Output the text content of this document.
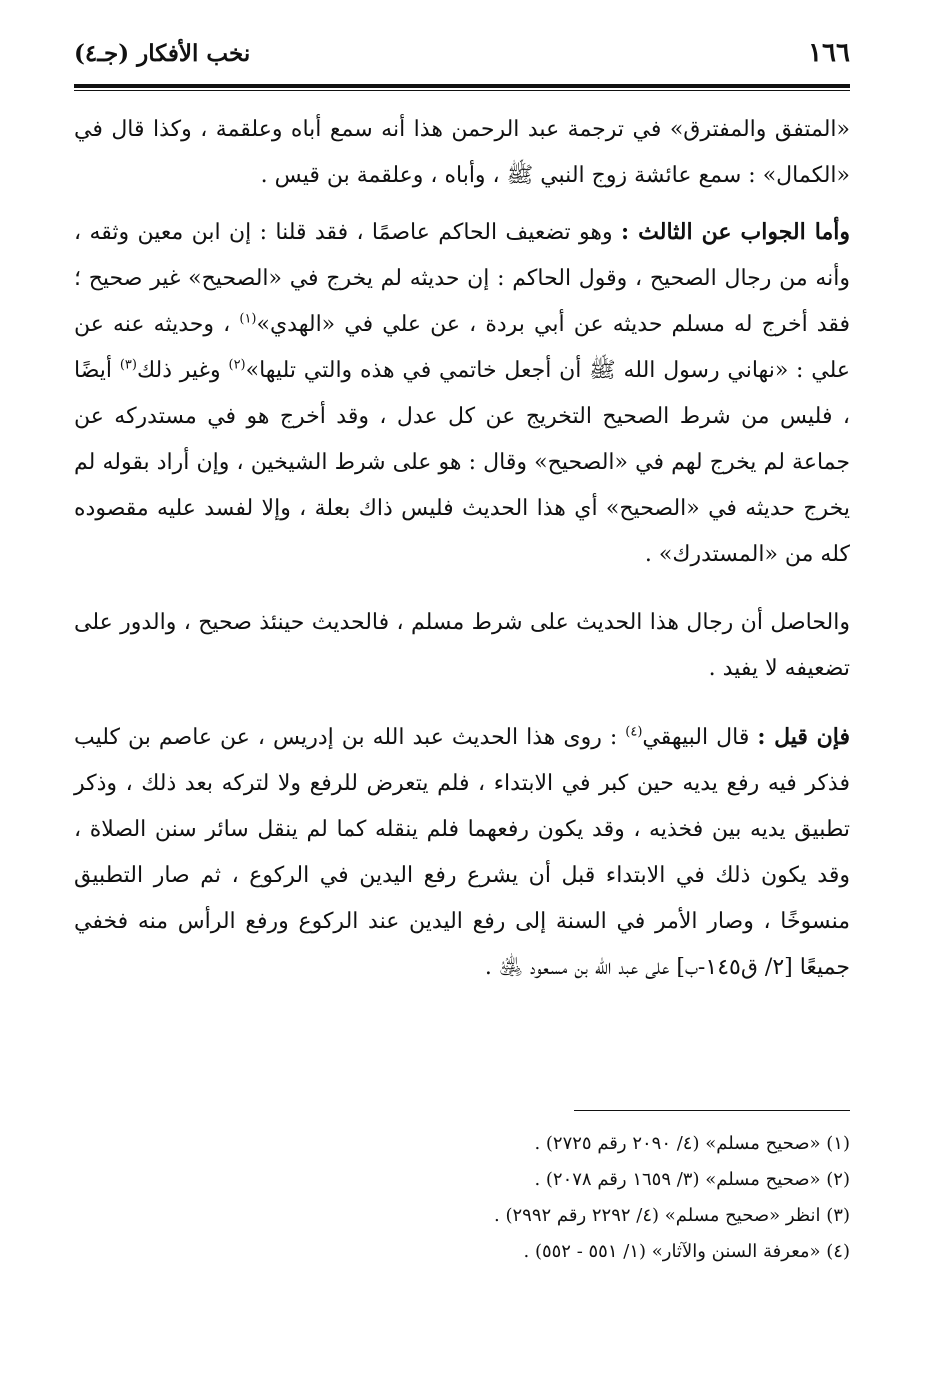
١٦٦
نخب الأفكار (جـ٤)

«المتفق والمفترق» في ترجمة عبد الرحمن هذا أنه سمع أباه وعلقمة ، وكذا قال في «الكمال» : سمع عائشة زوج النبي ﷺ ، وأباه ، وعلقمة بن قيس .

وأما الجواب عن الثالث : وهو تضعيف الحاكم عاصمًا ، فقد قلنا : إن ابن معين وثقه ، وأنه من رجال الصحيح ، وقول الحاكم : إن حديثه لم يخرج في «الصحيح» غير صحيح ؛ فقد أخرج له مسلم حديثه عن أبي بردة ، عن علي في «الهدي»$^{(١)}$ ، وحديثه عنه عن علي : «نهاني رسول الله ﷺ أن أجعل خاتمي في هذه والتي تليها»$^{(٢)}$ وغير ذلك$^{(٣)}$ أيضًا ، فليس من شرط الصحيح التخريج عن كل عدل ، وقد أخرج هو في مستدركه عن جماعة لم يخرج لهم في «الصحيح» وقال : هو على شرط الشيخين ، وإن أراد بقوله لم يخرج حديثه في «الصحيح» أي هذا الحديث فليس ذاك بعلة ، وإلا لفسد عليه مقصوده كله من «المستدرك» .

والحاصل أن رجال هذا الحديث على شرط مسلم ، فالحديث حينئذ صحيح ، والدور على تضعيفه لا يفيد .

فإن قيل : قال البيهقي$^{(٤)}$ : روى هذا الحديث عبد الله بن إدريس ، عن عاصم بن كليب فذكر فيه رفع يديه حين كبر في الابتداء ، فلم يتعرض للرفع ولا لتركه بعد ذلك ، وذكر تطبيق يديه بين فخذيه ، وقد يكون رفعهما فلم ينقله كما لم ينقل سائر سنن الصلاة ، وقد يكون ذلك في الابتداء قبل أن يشرع رفع اليدين في الركوع ، ثم صار التطبيق منسوخًا ، وصار الأمر في السنة إلى رفع اليدين عند الركوع ورفع الرأس منه فخفي جميعًا [٢/ ق١٤٥-ب] على عبد الله بن مسعود ﵁ .

(١) «صحيح مسلم» (٤/ ٢٠٩٠ رقم ٢٧٢٥) .

(٢) «صحيح مسلم» (٣/ ١٦٥٩ رقم ٢٠٧٨) .

(٣) انظر «صحيح مسلم» (٤/ ٢٢٩٢ رقم ٢٩٩٢) .

(٤) «معرفة السنن والآثار» (١/ ٥٥١ - ٥٥٢) .
